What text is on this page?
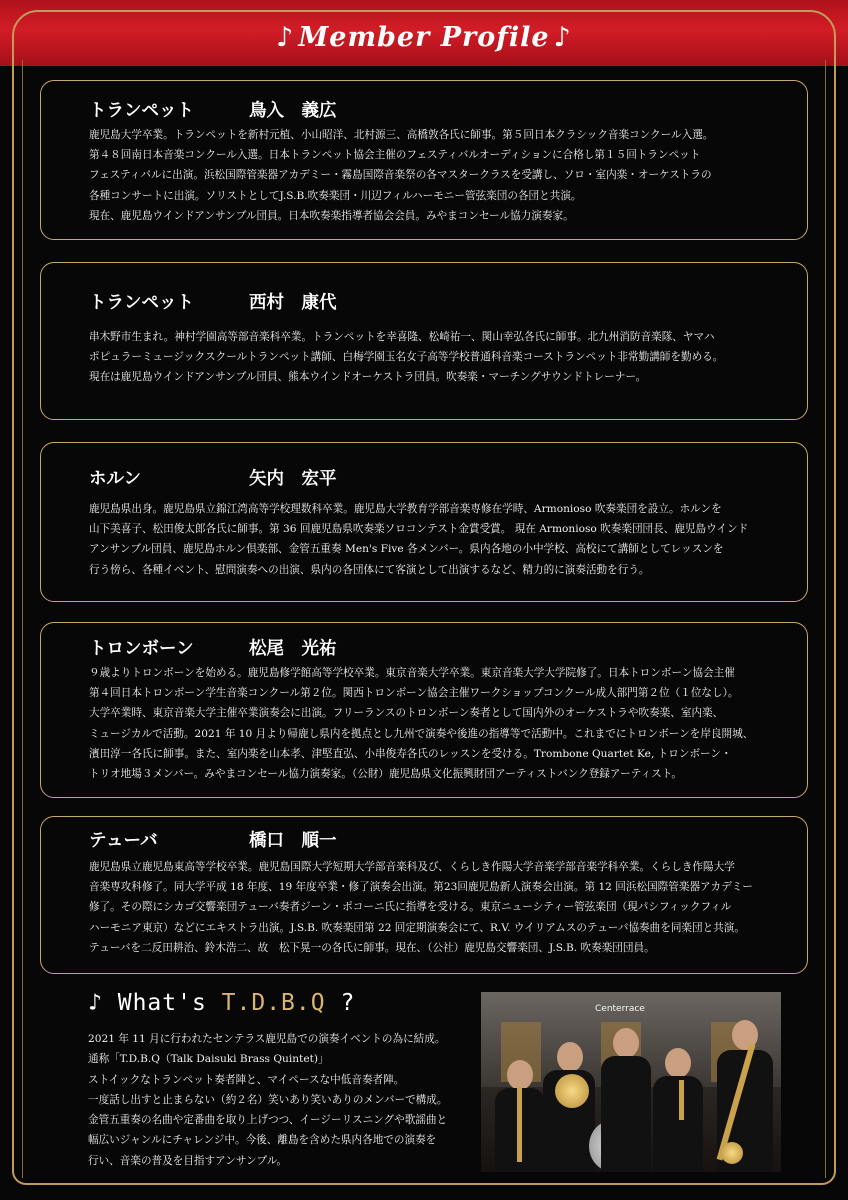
♪ Member Profile ♪
トランペット	鳥入　義広
鹿児島大学卒業。トランペットを新村元植、小山昭洋、北村源三、高橋敦各氏に師事。第５回日本クラシック音楽コンクール入選。
第４８回南日本音楽コンクール入選。日本トランペット協会主催のフェスティバルオーディションに合格し第１５回トランペット
フェスティバルに出演。浜松国際管楽器アカデミー・霧島国際音楽祭の各マスタークラスを受講し、ソロ・室内楽・オーケストラの
各種コンサートに出演。ソリストとしてJ.S.B.吹奏楽団・川辺フィルハーモニー管弦楽団の各団と共演。
現在、鹿児島ウインドアンサンブル団員。日本吹奏楽指導者協会会員。みやまコンセール協力演奏家。
トランペット	西村　康代
串木野市生まれ。神村学園高等部音楽科卒業。トランペットを幸喜隆、松崎祐一、関山幸弘各氏に師事。北九州消防音楽隊、ヤマハ
ポピュラーミュージックスクールトランペット講師、白梅学園玉名女子高等学校普通科音楽コーストランペット非常勤講師を勤める。
現在は鹿児島ウインドアンサンブル団員、熊本ウインドオーケストラ団員。吹奏楽・マーチングサウンドトレーナー。
ホルン	矢内　宏平
鹿児島県出身。鹿児島県立錦江湾高等学校理数科卒業。鹿児島大学教育学部音楽専修在学時、Armonioso 吹奏楽団を設立。ホルンを
山下美喜子、松田俊太郎各氏に師事。第 36 回鹿児島県吹奏楽ソロコンテスト金賞受賞。 現在 Armonioso 吹奏楽団団長、鹿児島ウインド
アンサンブル団員、鹿児島ホルン倶楽部、金管五重奏 Men's Five 各メンバー。県内各地の小中学校、高校にて講師としてレッスンを
行う傍ら、各種イベント、慰問演奏への出演、県内の各団体にて客演として出演するなど、精力的に演奏活動を行う。
トロンボーン	松尾　光祐
９歳よりトロンボーンを始める。鹿児島修学館高等学校卒業。東京音楽大学卒業。東京音楽大学大学院修了。日本トロンボーン協会主催
第４回日本トロンボーン学生音楽コンクール第２位。関西トロンボーン協会主催ワークショップコンクール成人部門第２位（１位なし）。
大学卒業時、東京音楽大学主催卒業演奏会に出演。フリーランスのトロンボーン奏者として国内外のオーケストラや吹奏楽、室内楽、
ミュージカルで活動。2021 年 10 月より帰鹿し県内を拠点とし九州で演奏や後進の指導等で活動中。これまでにトロンボーンを岸良開城、
濱田淳一各氏に師事。また、室内楽を山本孝、津堅直弘、小串俊寿各氏のレッスンを受ける。Trombone Quartet Ke, トロンボーン・
トリオ地場３メンバー。みやまコンセール協力演奏家。（公財）鹿児島県文化振興財団アーティストバンク登録アーティスト。
テューバ	橋口　順一
鹿児島県立鹿児島東高等学校卒業。鹿児島国際大学短期大学部音楽科及び、くらしき作陽大学音楽学部音楽学科卒業。くらしき作陽大学
音楽専攻科修了。同大学平成 18 年度、19 年度卒業・修了演奏会出演。第23回鹿児島新人演奏会出演。第 12 回浜松国際管楽器アカデミー
修了。その際にシカゴ交響楽団テューバ奏者ジーン・ポコーニ氏に指導を受ける。東京ニューシティー管弦楽団（現パシフィックフィル
ハーモニア東京）などにエキストラ出演。J.S.B. 吹奏楽団第 22 回定期演奏会にて、R.V. ウイリアムスのテューバ協奏曲を同楽団と共演。
テューバを二反田耕治、鈴木浩二、故　松下晃一の各氏に師事。現在、（公社）鹿児島交響楽団、J.S.B. 吹奏楽団団員。
♪ What's T.D.B.Q ?
2021 年 11 月に行われたセンテラス鹿児島での演奏イベントの為に結成。
通称「T.D.B.Q（Talk Daisuki Brass Quintet)」
ストイックなトランペット奏者陣と、マイペースな中低音奏者陣。
一度話し出すと止まらない（約２名）笑いあり笑いありのメンバーで構成。
金管五重奏の名曲や定番曲を取り上げつつ、イージーリスニングや歌謡曲と
幅広いジャンルにチャレンジ中。今後、離島を含めた県内各地での演奏を
行い、音楽の普及を目指すアンサンブル。
Centerrace
